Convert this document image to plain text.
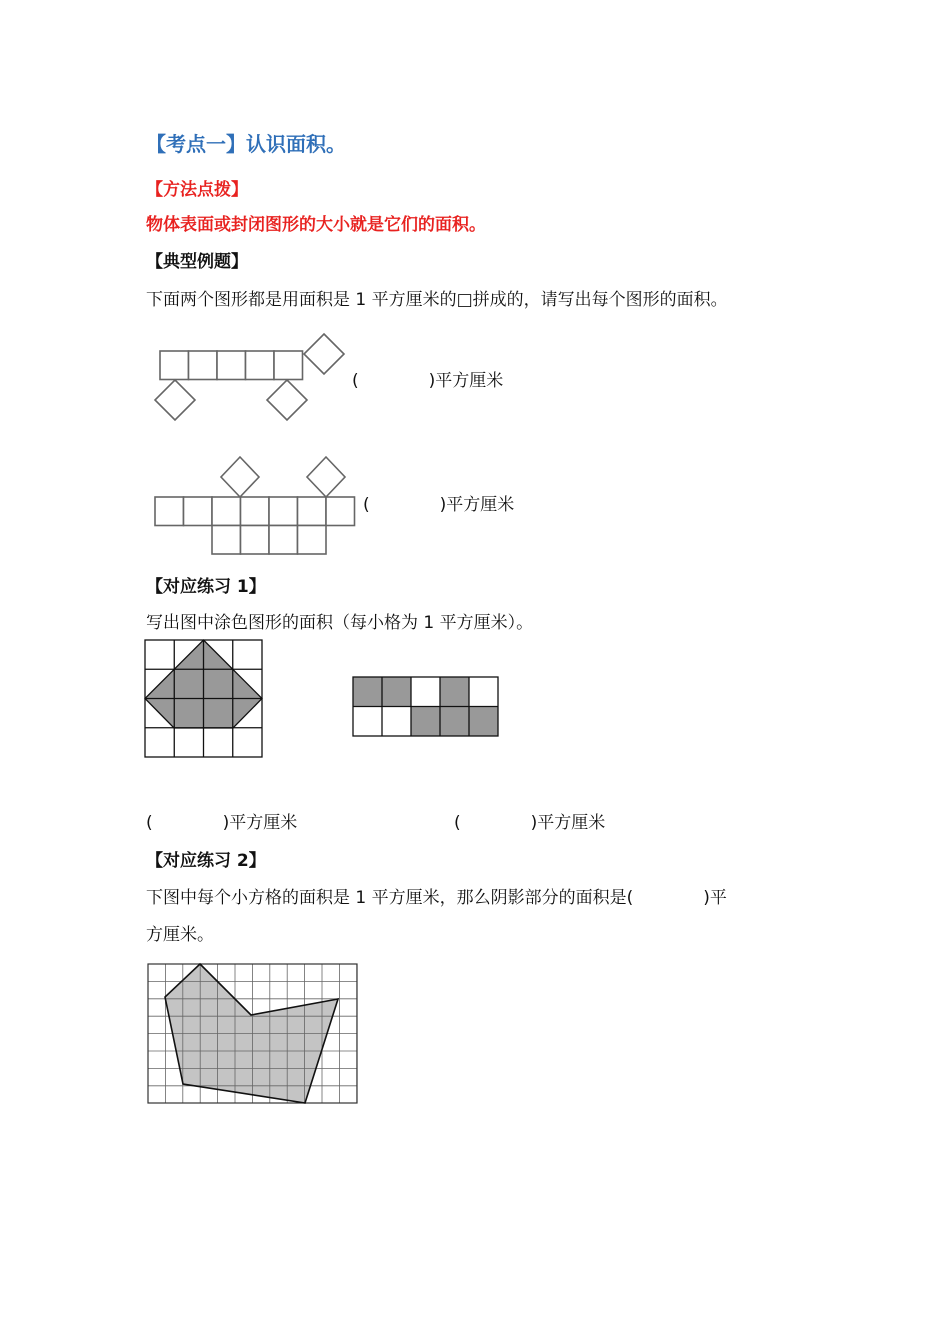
【考点一】认识面积。
【方法点拨】
物体表面或封闭图形的大小就是它们的面积。
【典型例题】
下面两个图形都是用面积是 1 平方厘米的□拼成的，请写出每个图形的面积。
(	)平方厘米
(	)平方厘米
【对应练习 1】
写出图中涂色图形的面积（每小格为 1 平方厘米）。
(	)平方厘米	(	)平方厘米
【对应练习 2】
下图中每个小方格的面积是 1 平方厘米，那么阴影部分的面积是(	)平
方厘米。
